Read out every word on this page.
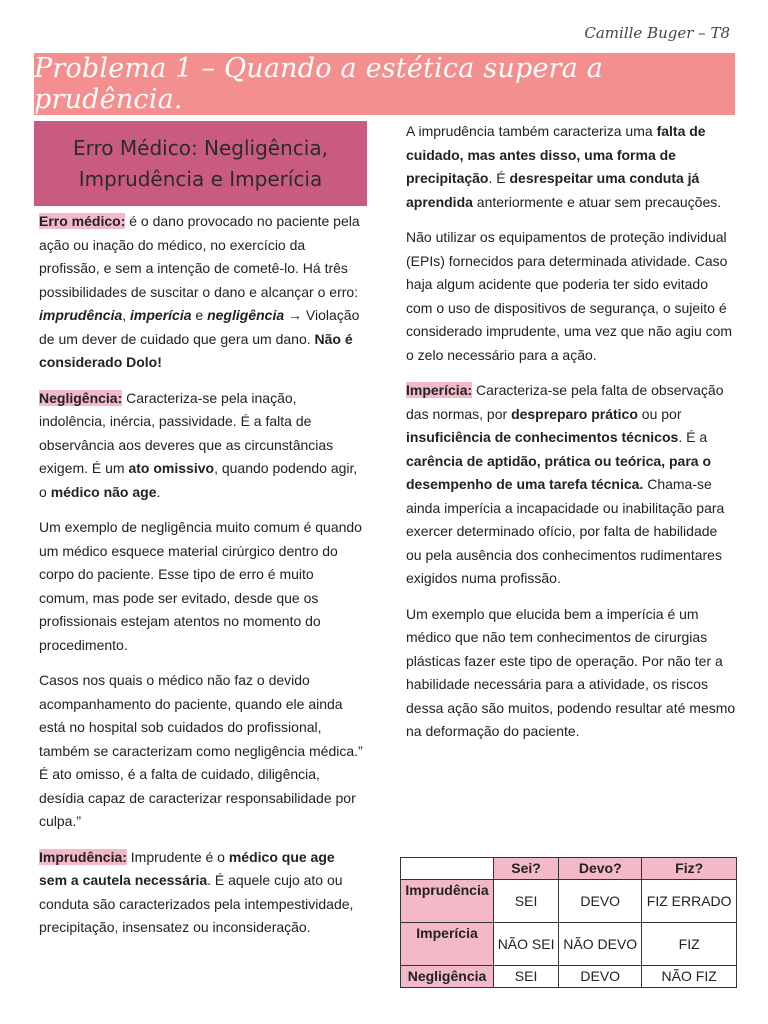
Camille Buger – T8
Problema 1 – Quando a estética supera a prudência.
Erro Médico: Negligência,
Imprudência e Imperícia

Erro médico: é o dano provocado no paciente pela ação ou inação do médico, no exercício da profissão, e sem a intenção de cometê-lo. Há três possibilidades de suscitar o dano e alcançar o erro: imprudência, imperícia e negligência → Violação de um dever de cuidado que gera um dano. Não é considerado Dolo!

Negligência: Caracteriza-se pela inação, indolência, inércia, passividade. É a falta de observância aos deveres que as circunstâncias exigem. É um ato omissivo, quando podendo agir, o médico não age.

Um exemplo de negligência muito comum é quando um médico esquece material cirúrgico dentro do corpo do paciente. Esse tipo de erro é muito comum, mas pode ser evitado, desde que os profissionais estejam atentos no momento do procedimento.

Casos nos quais o médico não faz o devido acompanhamento do paciente, quando ele ainda está no hospital sob cuidados do profissional, também se caracterizam como negligência médica.” É ato omisso, é a falta de cuidado, diligência, desídia capaz de caracterizar responsabilidade por culpa.”

Imprudência: Imprudente é o médico que age sem a cautela necessária. É aquele cujo ato ou conduta são caracterizados pela intempestividade, precipitação, insensatez ou inconsideração.

A imprudência também caracteriza uma falta de cuidado, mas antes disso, uma forma de precipitação. É desrespeitar uma conduta já aprendida anteriormente e atuar sem precauções.

Não utilizar os equipamentos de proteção individual (EPIs) fornecidos para determinada atividade. Caso haja algum acidente que poderia ter sido evitado com o uso de dispositivos de segurança, o sujeito é considerado imprudente, uma vez que não agiu com o zelo necessário para a ação.

Imperícia: Caracteriza-se pela falta de observação das normas, por despreparo prático ou por insuficiência de conhecimentos técnicos. É a carência de aptidão, prática ou teórica, para o desempenho de uma tarefa técnica. Chama-se ainda imperícia a incapacidade ou inabilitação para exercer determinado ofício, por falta de habilidade ou pela ausência dos conhecimentos rudimentares exigidos numa profissão.

Um exemplo que elucida bem a imperícia é um médico que não tem conhecimentos de cirurgias plásticas fazer este tipo de operação. Por não ter a habilidade necessária para a atividade, os riscos dessa ação são muitos, podendo resultar até mesmo na deformação do paciente.

	Sei?	Devo?	Fiz?
Imprudência	SEI	DEVO	FIZ ERRADO
Imperícia	NÃO SEI	NÃO DEVO	FIZ
Negligência	SEI	DEVO	NÃO FIZ
